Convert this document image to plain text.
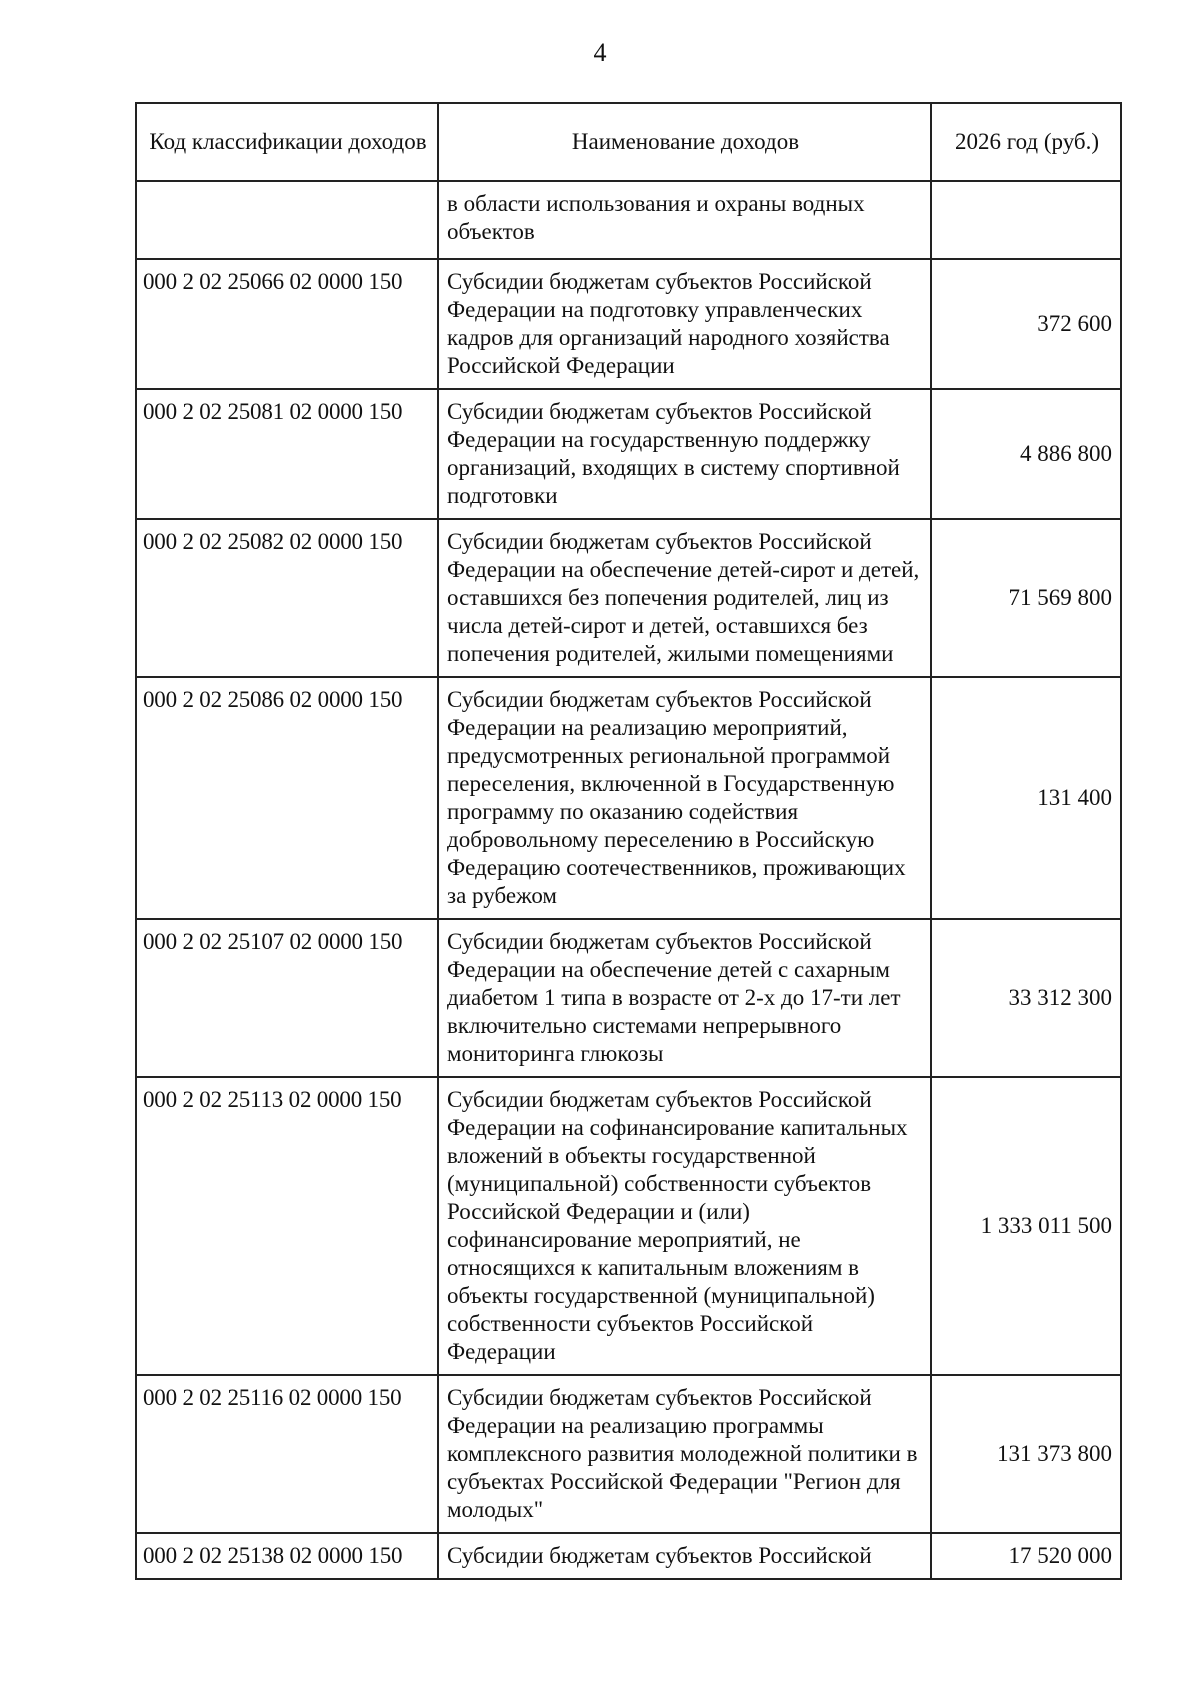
4
Код классификации доходов	Наименование доходов	2026 год (руб.)
	в области использования и охраны водных объектов	
000 2 02 25066 02 0000 150	Субсидии бюджетам субъектов Российской Федерации на подготовку управленческих кадров для организаций народного хозяйства Российской Федерации	372 600
000 2 02 25081 02 0000 150	Субсидии бюджетам субъектов Российской Федерации на государственную поддержку организаций, входящих в систему спортивной подготовки	4 886 800
000 2 02 25082 02 0000 150	Субсидии бюджетам субъектов Российской Федерации на обеспечение детей-сирот и детей, оставшихся без попечения родителей, лиц из числа детей-сирот и детей, оставшихся без попечения родителей, жилыми помещениями	71 569 800
000 2 02 25086 02 0000 150	Субсидии бюджетам субъектов Российской Федерации на реализацию мероприятий, предусмотренных региональной программой переселения, включенной в Государственную программу по оказанию содействия добровольному переселению в Российскую Федерацию соотечественников, проживающих за рубежом	131 400
000 2 02 25107 02 0000 150	Субсидии бюджетам субъектов Российской Федерации на обеспечение детей с сахарным диабетом 1 типа в возрасте от 2-х до 17-ти лет включительно системами непрерывного мониторинга глюкозы	33 312 300
000 2 02 25113 02 0000 150	Субсидии бюджетам субъектов Российской Федерации на софинансирование капитальных вложений в объекты государственной (муниципальной) собственности субъектов Российской Федерации и (или) софинансирование мероприятий, не относящихся к капитальным вложениям в объекты государственной (муниципальной) собственности субъектов Российской Федерации	1 333 011 500
000 2 02 25116 02 0000 150	Субсидии бюджетам субъектов Российской Федерации на реализацию программы комплексного развития молодежной политики в субъектах Российской Федерации "Регион для молодых"	131 373 800
000 2 02 25138 02 0000 150	Субсидии бюджетам субъектов Российской	17 520 000
